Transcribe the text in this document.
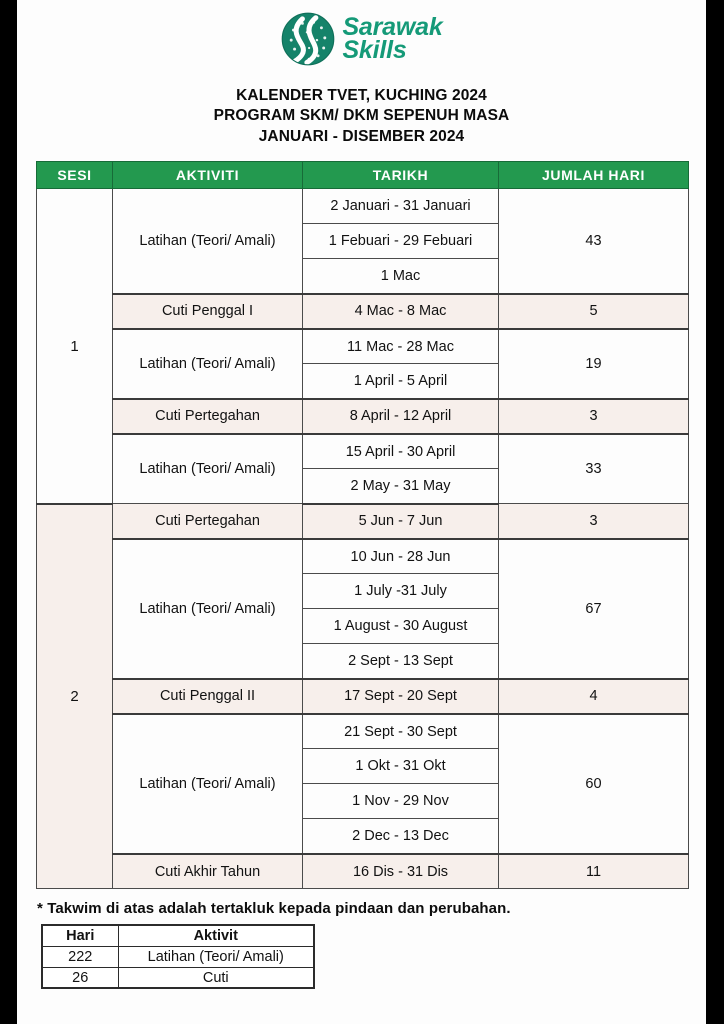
Sarawak
Skills
KALENDER TVET, KUCHING 2024
PROGRAM SKM/ DKM SEPENUH MASA
JANUARI - DISEMBER 2024
SESI	AKTIVITI	TARIKH	JUMLAH HARI
1	Latihan (Teori/ Amali)	2 Januari - 31 Januari	43
		1 Febuari - 29 Febuari	
		1 Mac	
	Cuti Penggal I	4 Mac - 8 Mac	5
	Latihan (Teori/ Amali)	11 Mac - 28 Mac	19
		1 April - 5 April	
	Cuti Pertegahan	8 April - 12 April	3
	Latihan (Teori/ Amali)	15 April - 30 April	33
		2 May - 31 May	
2	Cuti Pertegahan	5 Jun - 7 Jun	3
	Latihan (Teori/ Amali)	10 Jun - 28 Jun	67
		1 July -31 July	
		1 August - 30 August	
		2 Sept - 13 Sept	
	Cuti Penggal II	17 Sept - 20 Sept	4
	Latihan (Teori/ Amali)	21 Sept - 30 Sept	60
		1 Okt - 31 Okt	
		1 Nov - 29 Nov	
		2 Dec - 13 Dec	
	Cuti Akhir Tahun	16 Dis - 31 Dis	11
* Takwim di atas adalah tertakluk kepada pindaan dan perubahan.
Hari	Aktivit
222	Latihan (Teori/ Amali)
26	Cuti
